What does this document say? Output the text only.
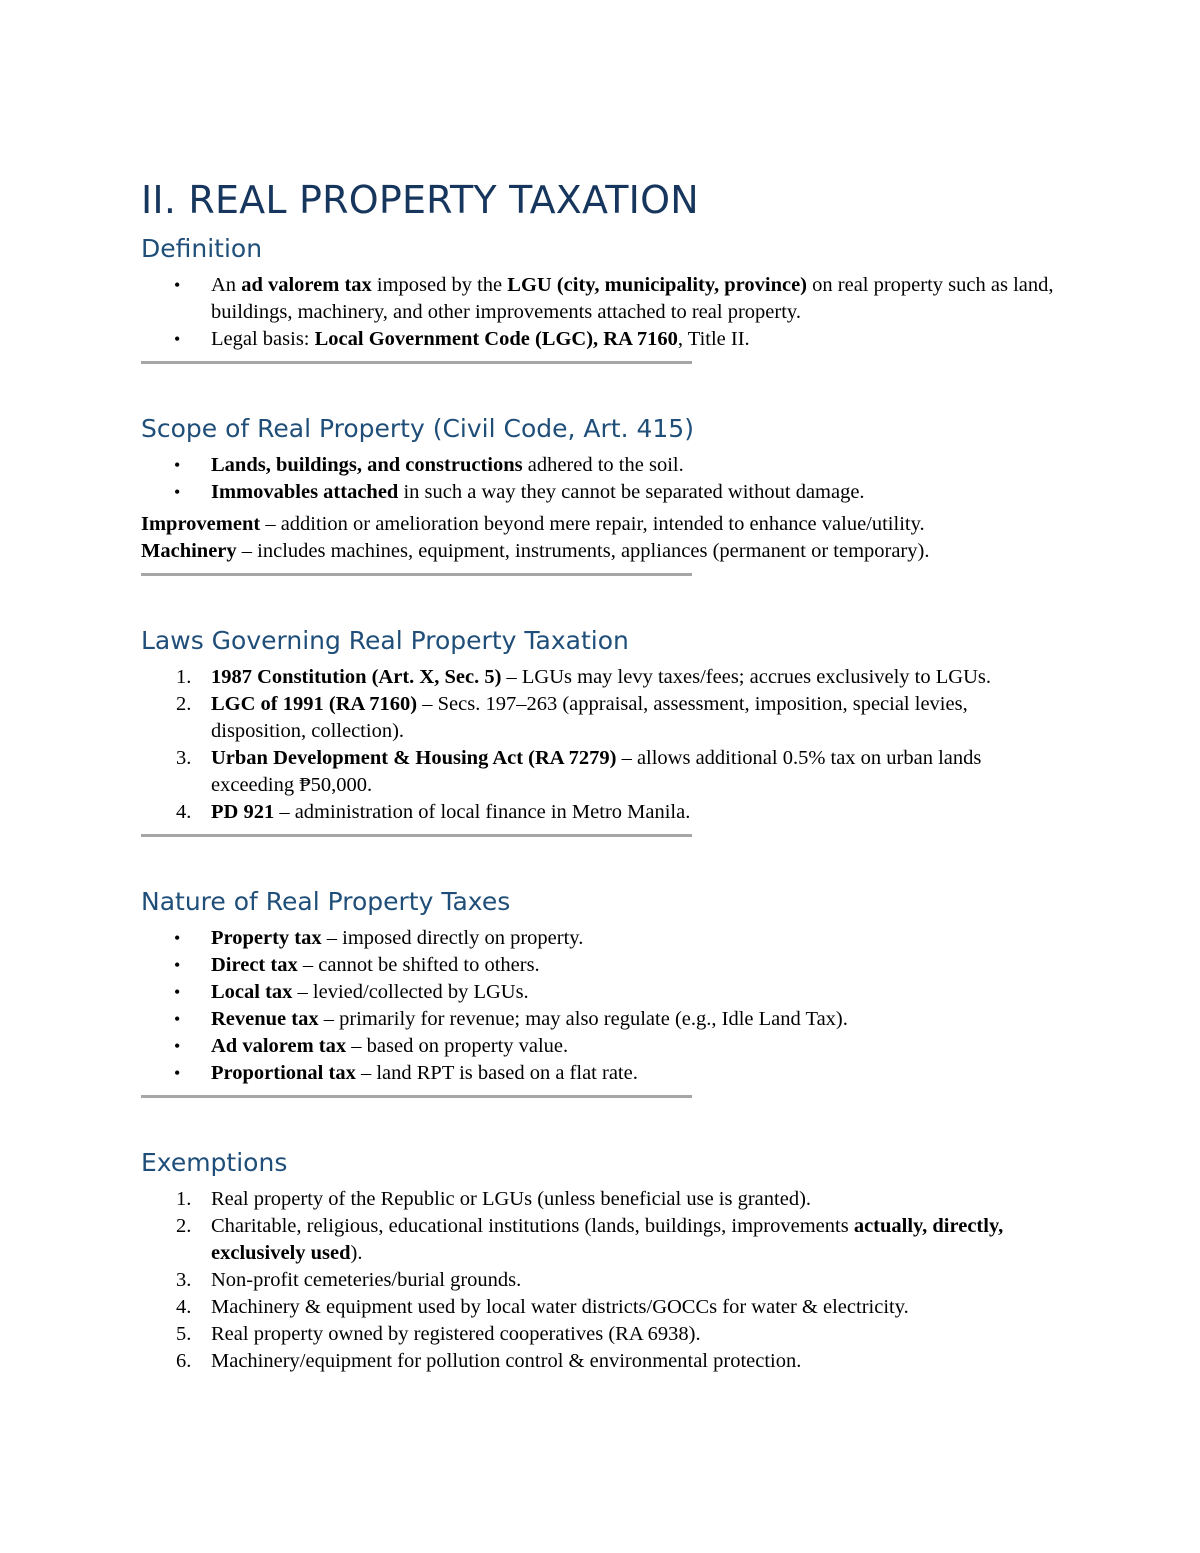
II. REAL PROPERTY TAXATION
Definition
• An ad valorem tax imposed by the LGU (city, municipality, province) on real property such as land, buildings, machinery, and other improvements attached to real property.
• Legal basis: Local Government Code (LGC), RA 7160, Title II.
Scope of Real Property (Civil Code, Art. 415)
• Lands, buildings, and constructions adhered to the soil.
• Immovables attached in such a way they cannot be separated without damage.

Improvement – addition or amelioration beyond mere repair, intended to enhance value/utility.

Machinery – includes machines, equipment, instruments, appliances (permanent or temporary).

Laws Governing Real Property Taxation
1. 1987 Constitution (Art. X, Sec. 5) – LGUs may levy taxes/fees; accrues exclusively to LGUs.
2. LGC of 1991 (RA 7160) – Secs. 197–263 (appraisal, assessment, imposition, special levies, disposition, collection).
3. Urban Development & Housing Act (RA 7279) – allows additional 0.5% tax on urban lands exceeding ₱50,000.
4. PD 921 – administration of local finance in Metro Manila.
Nature of Real Property Taxes
• Property tax – imposed directly on property.
• Direct tax – cannot be shifted to others.
• Local tax – levied/collected by LGUs.
• Revenue tax – primarily for revenue; may also regulate (e.g., Idle Land Tax).
• Ad valorem tax – based on property value.
• Proportional tax – land RPT is based on a flat rate.
Exemptions
1. Real property of the Republic or LGUs (unless beneficial use is granted).
2. Charitable, religious, educational institutions (lands, buildings, improvements actually, directly, exclusively used).
3. Non-profit cemeteries/burial grounds.
4. Machinery & equipment used by local water districts/GOCCs for water & electricity.
5. Real property owned by registered cooperatives (RA 6938).
6. Machinery/equipment for pollution control & environmental protection.
